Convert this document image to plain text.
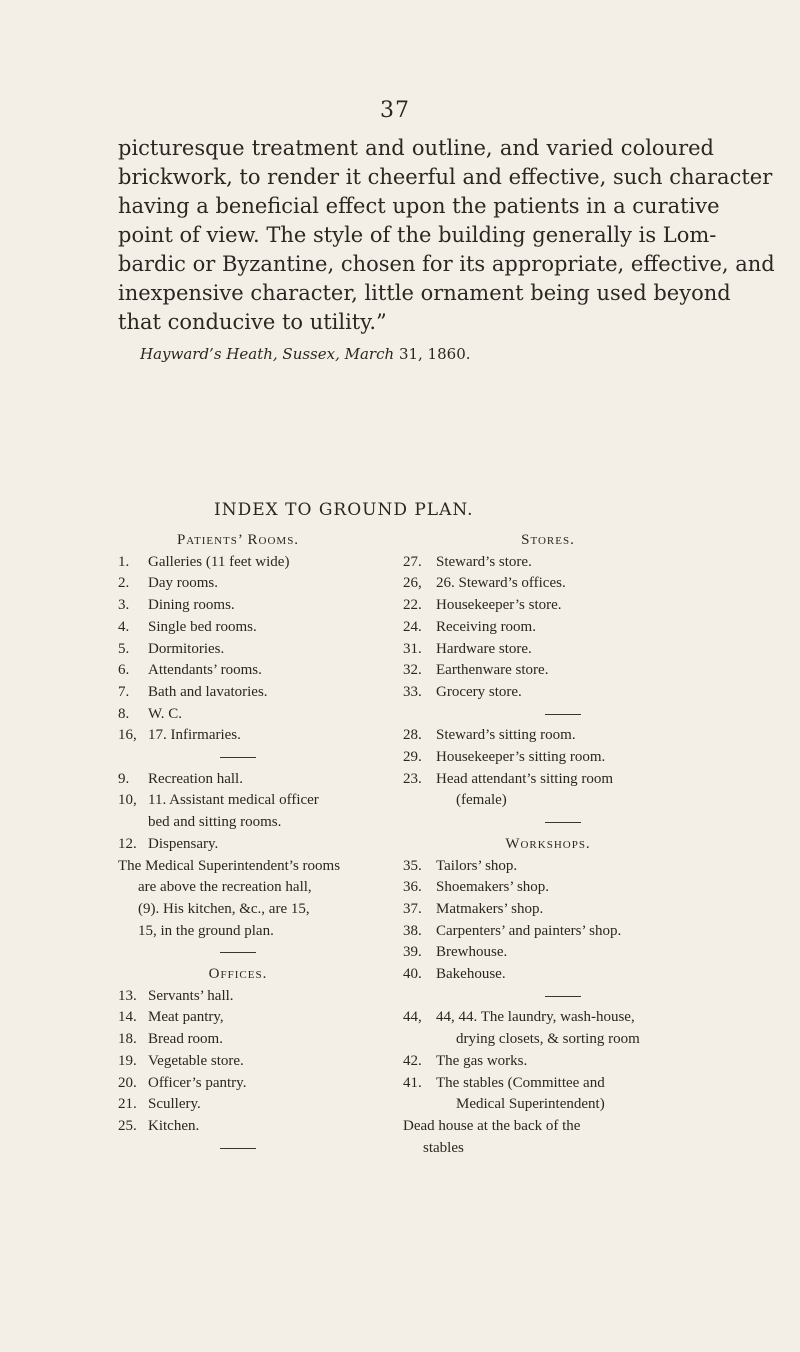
37
picturesque treatment and outline, and varied coloured
brickwork, to render it cheerful and effective, such character
having a beneficial effect upon the patients in a curative
point of view. The style of the building generally is Lom-
bardic or Byzantine, chosen for its appropriate, effective, and
inexpensive character, little ornament being used beyond
that conducive to utility.”
Hayward’s Heath, Sussex, March 31, 1860.
INDEX TO GROUND PLAN.
Patients’ Rooms.
1.	Galleries (11 feet wide)
2.	Day rooms.
3.	Dining rooms.
4.	Single bed rooms.
5.	Dormitories.
6.	Attendants’ rooms.
7.	Bath and lavatories.
8.	W. C.
16, 17. Infirmaries.
9.	Recreation hall.
10, 11. Assistant medical officer
bed and sitting rooms.
12. Dispensary.
The Medical Superintendent’s rooms
are above the recreation hall,
(9). His kitchen, &c., are 15,
15, in the ground plan.
Offices.
13. Servants’ hall.
14. Meat pantry,
18. Bread room.
19. Vegetable store.
20. Officer’s pantry.
21. Scullery.
25. Kitchen.
Stores.
27. Steward’s store.
26, 26. Steward’s offices.
22. Housekeeper’s store.
24. Receiving room.
31. Hardware store.
32. Earthenware store.
33. Grocery store.
28. Steward’s sitting room.
29. Housekeeper’s sitting room.
23. Head attendant’s sitting room
(female)
Workshops.
35. Tailors’ shop.
36. Shoemakers’ shop.
37. Matmakers’ shop.
38. Carpenters’ and painters’ shop.
39. Brewhouse.
40. Bakehouse.
44, 44, 44. The laundry, wash-house,
drying closets, & sorting room
42. The gas works.
41. The stables (Committee and
Medical Superintendent)
Dead house at the back of the
stables
